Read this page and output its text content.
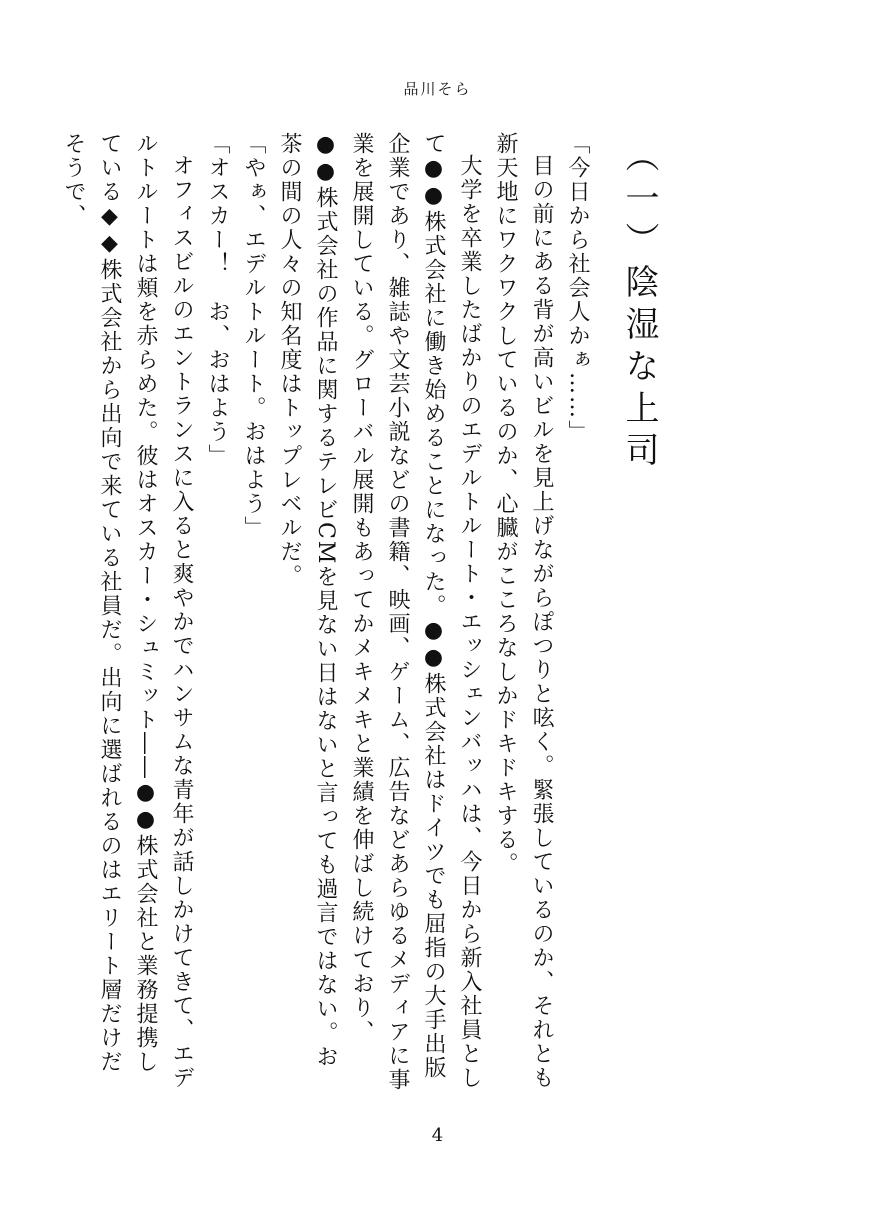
品川そら
（一）陰湿な上司

「今日から社会人かぁ……」

目の前にある背が高いビルを見上げながらぽつりと呟く。緊張しているのか、それとも新天地にワクワクしているのか、心臓がこころなしかドキドキする。

大学を卒業したばかりのエデルトルート・エッシェンバッハは、今日から新入社員として●●株式会社に働き始めることになった。●●株式会社はドイツでも屈指の大手出版企業であり、雑誌や文芸小説などの書籍、映画、ゲーム、広告などあらゆるメディアに事業を展開している。グローバル展開もあってかメキメキと業績を伸ばし続けており、●●株式会社の作品に関するテレビCMを見ない日はないと言っても過言ではない。お茶の間の人々の知名度はトップレベルだ。

「やぁ、エデルトルート。おはよう」

「オスカー！　お、おはよう」

オフィスビルのエントランスに入ると爽やかでハンサムな青年が話しかけてきて、エデルトルートは頬を赤らめた。彼はオスカー・シュミット――●●株式会社と業務提携している◆◆株式会社から出向で来ている社員だ。出向に選ばれるのはエリート層だけだそうで、

4
